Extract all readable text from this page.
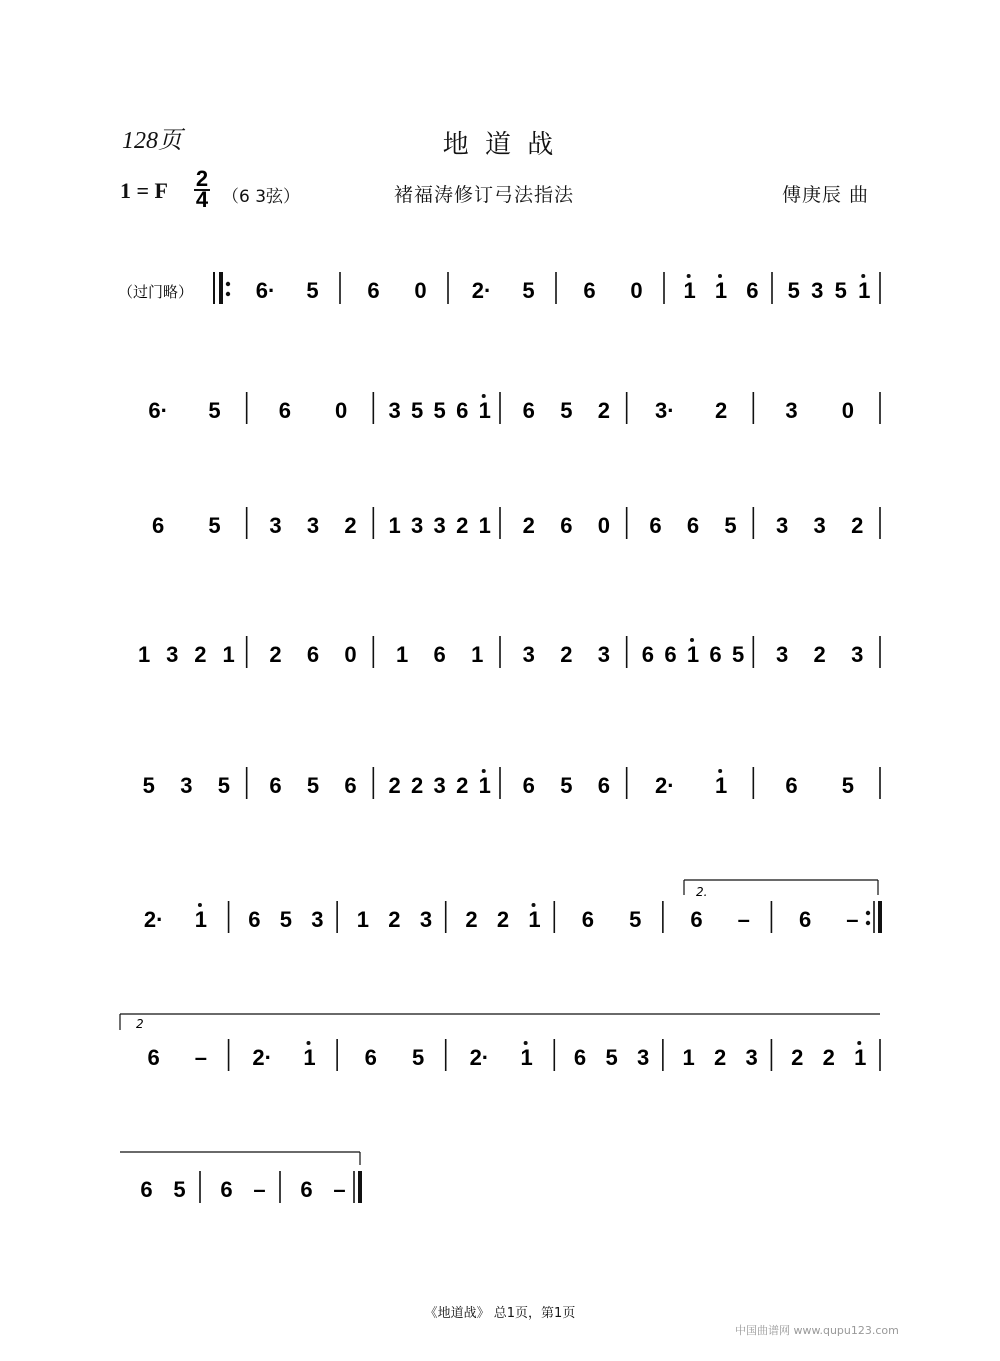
128页	地 道 战
1 = F	（6 3弦）	褚福涛修订弓法指法	傅庚辰 曲
《地道战》 总1页，第1页
中国曲谱网 www.qupu123.com
2
4
（过门略）
2.
2
6· 5 6 0 2· 5 6 0 1 1 6 5 3 5 1
6· 5	6 0 3 5 5 6 1 6 5 2 3· 2	3 0
6 5 3 3 2 1 3 3 2 1 2 6 0 6 6 5 3 3 2
1 3 2 1 2 6 0 1 6 1 3 2 3 6 6 1 6 5 3 2 3
5 3 5 6 5 6 2 2 3 2 1 6 5 6 2· 1	6 5
2· 1 6 5 3 1 2 3 2 2 1 6 5 6 – 6 –
6 – 2· 1 6 5 2· 1 6 5 3 1 2 3 2 2 1
6 5 6 – 6 –
